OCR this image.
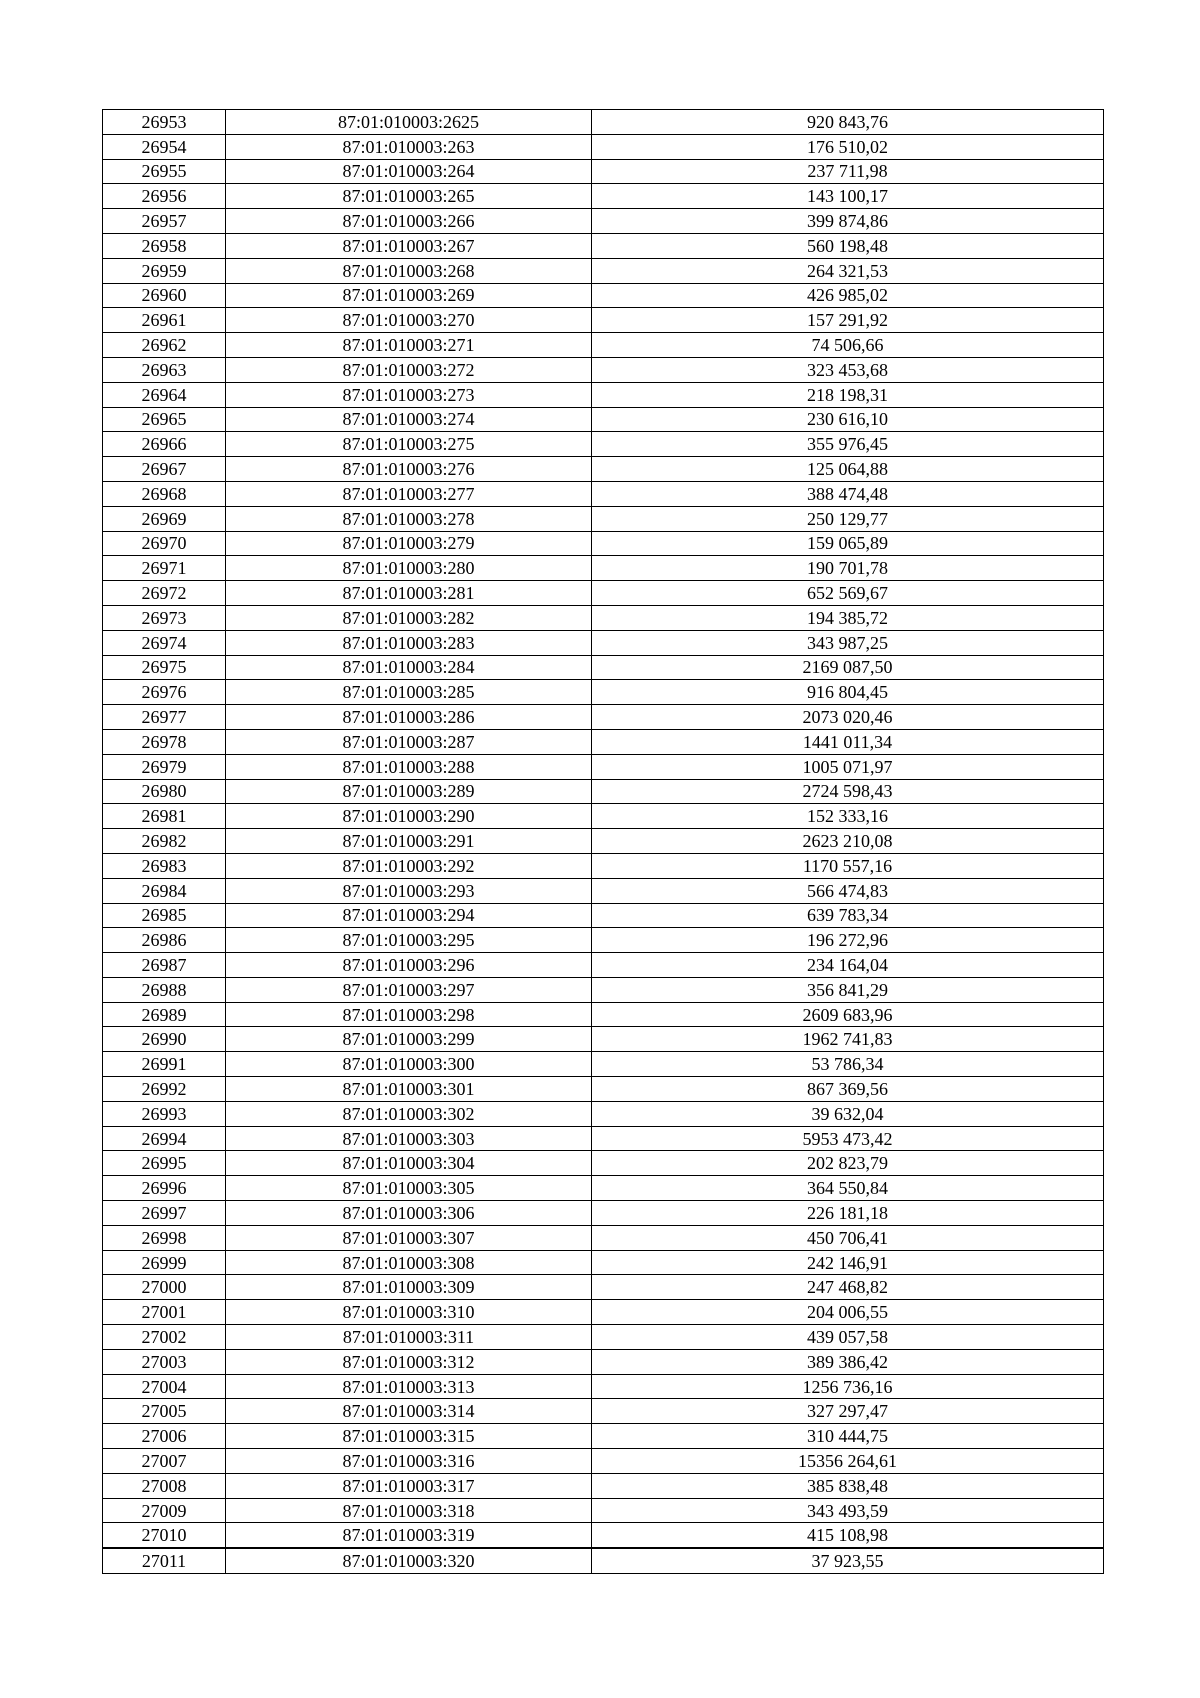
26953	87:01:010003:2625	920 843,76
26954	87:01:010003:263	176 510,02
26955	87:01:010003:264	237 711,98
26956	87:01:010003:265	143 100,17
26957	87:01:010003:266	399 874,86
26958	87:01:010003:267	560 198,48
26959	87:01:010003:268	264 321,53
26960	87:01:010003:269	426 985,02
26961	87:01:010003:270	157 291,92
26962	87:01:010003:271	74 506,66
26963	87:01:010003:272	323 453,68
26964	87:01:010003:273	218 198,31
26965	87:01:010003:274	230 616,10
26966	87:01:010003:275	355 976,45
26967	87:01:010003:276	125 064,88
26968	87:01:010003:277	388 474,48
26969	87:01:010003:278	250 129,77
26970	87:01:010003:279	159 065,89
26971	87:01:010003:280	190 701,78
26972	87:01:010003:281	652 569,67
26973	87:01:010003:282	194 385,72
26974	87:01:010003:283	343 987,25
26975	87:01:010003:284	2169 087,50
26976	87:01:010003:285	916 804,45
26977	87:01:010003:286	2073 020,46
26978	87:01:010003:287	1441 011,34
26979	87:01:010003:288	1005 071,97
26980	87:01:010003:289	2724 598,43
26981	87:01:010003:290	152 333,16
26982	87:01:010003:291	2623 210,08
26983	87:01:010003:292	1170 557,16
26984	87:01:010003:293	566 474,83
26985	87:01:010003:294	639 783,34
26986	87:01:010003:295	196 272,96
26987	87:01:010003:296	234 164,04
26988	87:01:010003:297	356 841,29
26989	87:01:010003:298	2609 683,96
26990	87:01:010003:299	1962 741,83
26991	87:01:010003:300	53 786,34
26992	87:01:010003:301	867 369,56
26993	87:01:010003:302	39 632,04
26994	87:01:010003:303	5953 473,42
26995	87:01:010003:304	202 823,79
26996	87:01:010003:305	364 550,84
26997	87:01:010003:306	226 181,18
26998	87:01:010003:307	450 706,41
26999	87:01:010003:308	242 146,91
27000	87:01:010003:309	247 468,82
27001	87:01:010003:310	204 006,55
27002	87:01:010003:311	439 057,58
27003	87:01:010003:312	389 386,42
27004	87:01:010003:313	1256 736,16
27005	87:01:010003:314	327 297,47
27006	87:01:010003:315	310 444,75
27007	87:01:010003:316	15356 264,61
27008	87:01:010003:317	385 838,48
27009	87:01:010003:318	343 493,59
27010	87:01:010003:319	415 108,98
27011	87:01:010003:320	37 923,55
